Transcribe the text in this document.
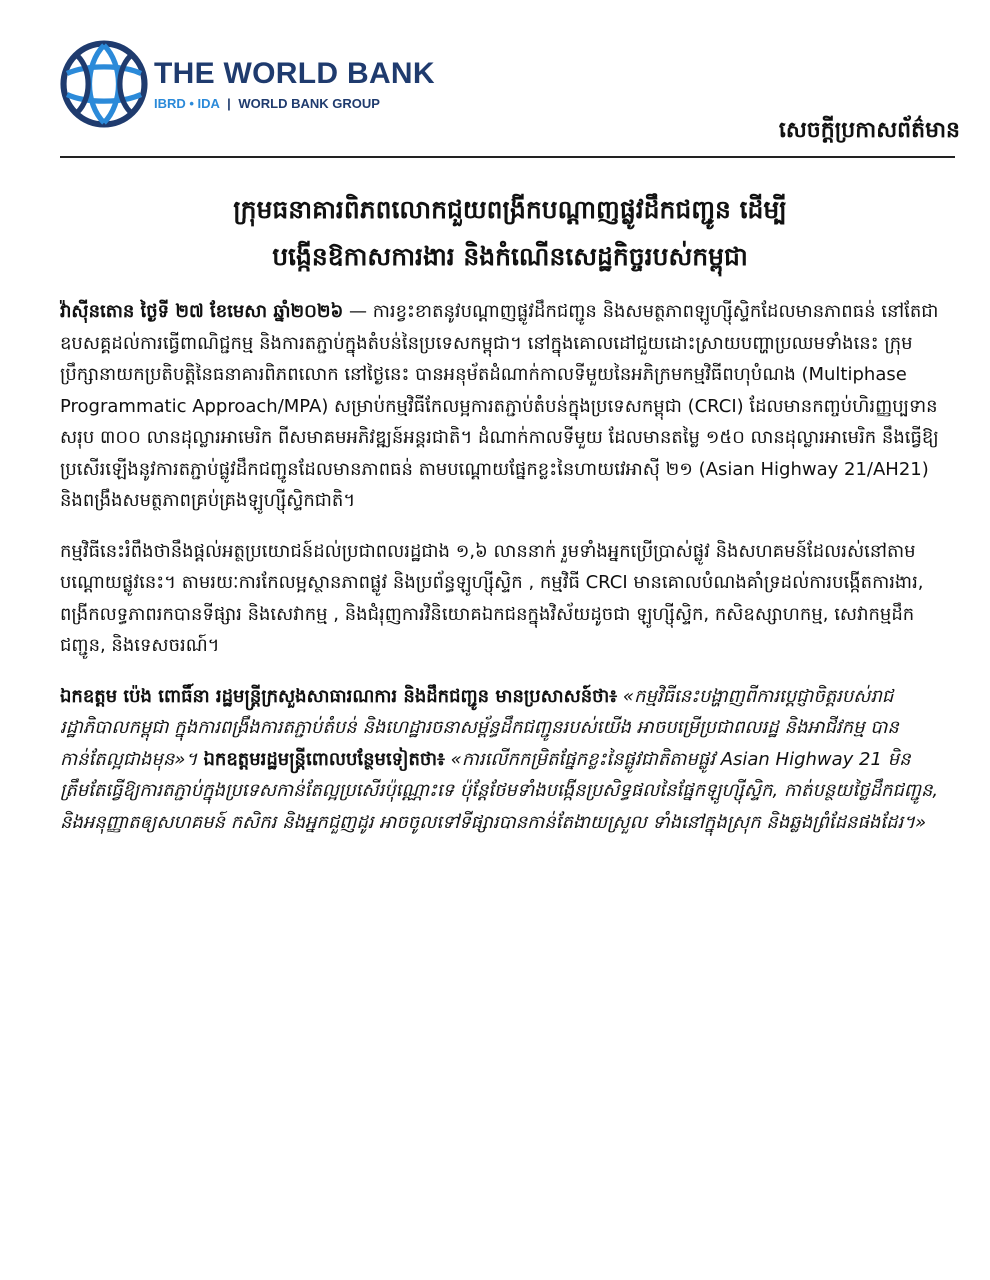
THE WORLD BANK
IBRD • IDA | WORLD BANK GROUP
សេចក្តីប្រកាសព័ត៌មាន
ក្រុមធនាគារពិភពលោកជួយពង្រីកបណ្តាញផ្លូវដឹកជញ្ជូន ដើម្បី
បង្កើនឱកាសការងារ និងកំណើនសេដ្ឋកិច្ចរបស់កម្ពុជា

វ៉ាស៊ីនតោន ថ្ងៃទី ២៧ ខែមេសា ឆ្នាំ២០២៦ — ការខ្វះខាតនូវបណ្តាញផ្លូវដឹកជញ្ជូន និងសមត្ថភាពឡូហ្ស៊ីស្ទិកដែលមានភាពធន់ នៅតែជាឧបសគ្គដល់ការធ្វើពាណិជ្ជកម្ម និងការតភ្ជាប់ក្នុងតំបន់នៃប្រទេសកម្ពុជា។ នៅក្នុងគោលដៅជួយដោះស្រាយបញ្ហាប្រឈមទាំងនេះ ក្រុមប្រឹក្សានាយកប្រតិបត្តិនៃធនាគារពិភពលោក នៅថ្ងៃនេះ បានអនុម័តដំណាក់កាលទីមួយនៃអភិក្រមកម្មវិធីពហុបំណង (Multiphase Programmatic Approach/MPA) សម្រាប់កម្មវិធីកែលម្អការតភ្ជាប់តំបន់ក្នុងប្រទេសកម្ពុជា (CRCI) ដែលមានកញ្ចប់ហិរញ្ញប្បទានសរុប ៣០០ លានដុល្លារអាមេរិក ពីសមាគមអភិវឌ្ឍន៍អន្តរជាតិ។ ដំណាក់កាលទីមួយ ដែលមានតម្លៃ ១៥០ លានដុល្លារអាមេរិក នឹងធ្វើឱ្យប្រសើរឡើងនូវការតភ្ជាប់ផ្លូវដឹកជញ្ជូនដែលមានភាពធន់ តាមបណ្តោយផ្នែកខ្លះនៃហាយវេអាស៊ី ២១ (Asian Highway 21/AH21) និងពង្រឹងសមត្ថភាពគ្រប់គ្រងឡូហ្ស៊ីស្ទិកជាតិ។

កម្មវិធីនេះរំពឹងថានឹងផ្តល់អត្ថប្រយោជន៍ដល់ប្រជាពលរដ្ឋជាង ១,៦ លាននាក់ រួមទាំងអ្នកប្រើប្រាស់ផ្លូវ និងសហគមន៍ដែលរស់នៅតាមបណ្តោយផ្លូវនេះ។ តាមរយៈការកែលម្អស្ថានភាពផ្លូវ និងប្រព័ន្ធឡូហ្ស៊ីស្ទិក , កម្មវិធី CRCI មានគោលបំណងគាំទ្រដល់ការបង្កើតការងារ, ពង្រីកលទ្ធភាពរកបានទីផ្សារ និងសេវាកម្ម , និងជំរុញការវិនិយោគឯកជនក្នុងវិស័យដូចជា ឡូហ្ស៊ីស្ទិក, កសិឧស្សាហកម្ម, សេវាកម្មដឹកជញ្ជូន, និងទេសចរណ៍។

ឯកឧត្តម ប៉េង ពោធិ៍នា រដ្ឋមន្ត្រីក្រសួងសាធារណការ និងដឹកជញ្ជូន មានប្រសាសន៍ថា៖ «កម្មវិធីនេះបង្ហាញពីការប្តេជ្ញាចិត្តរបស់រាជរដ្ឋាភិបាលកម្ពុជា ក្នុងការពង្រឹងការតភ្ជាប់តំបន់ និងហេដ្ឋារចនាសម្ព័ន្ធដឹកជញ្ជូនរបស់យើង អាចបម្រើប្រជាពលរដ្ឋ និងអាជីវកម្ម បានកាន់តែល្អជាងមុន»។ ឯកឧត្តមរដ្ឋមន្ត្រីពោលបន្ថែមទៀតថា៖ «ការលើកកម្រិតផ្នែកខ្លះនៃផ្លូវជាតិតាមផ្លូវ Asian Highway 21 មិនត្រឹមតែធ្វើឱ្យការតភ្ជាប់ក្នុងប្រទេសកាន់តែល្អប្រសើរប៉ុណ្ណោះទេ ប៉ុន្តែថែមទាំងបង្កើនប្រសិទ្ធផលនៃផ្នែកឡូហ្ស៊ីស្ទិក, កាត់បន្ថយថ្លៃដឹកជញ្ជូន, និងអនុញ្ញាតឲ្យសហគមន៍ កសិករ និងអ្នកជួញដូរ អាចចូលទៅទីផ្សារបានកាន់តែងាយស្រួល ទាំងនៅក្នុងស្រុក និងឆ្លងព្រំដែនផងដែរ។»
